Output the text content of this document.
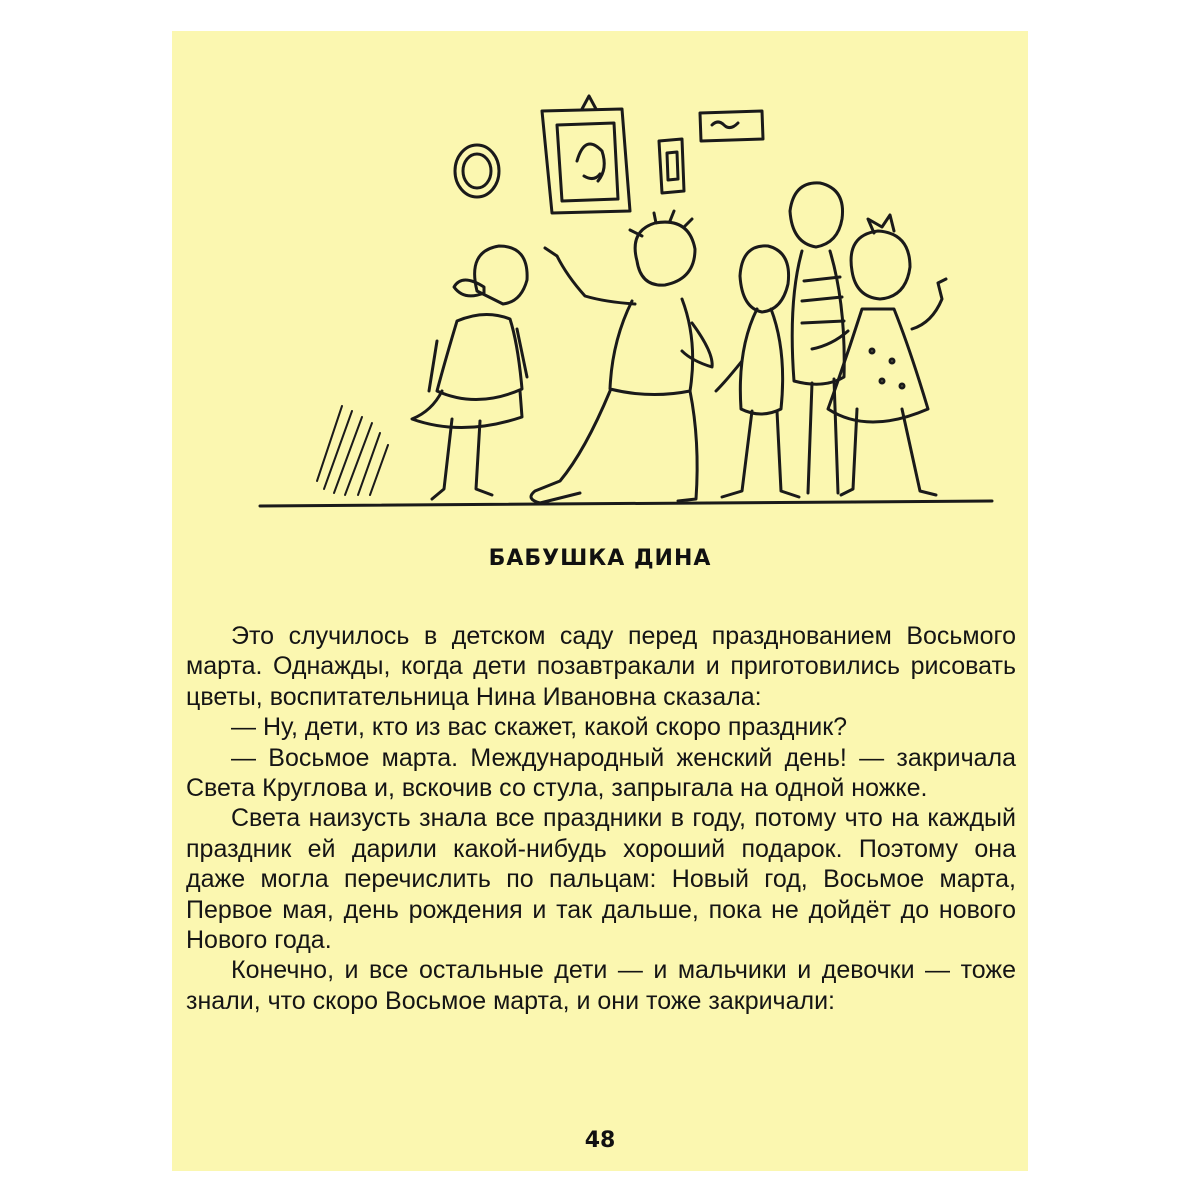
БАБУШКА ДИНА

Это случилось в детском саду перед празднованием Восьмого марта. Однажды, когда дети позавтракали и приготовились рисовать цветы, воспитательница Нина Ивановна сказала:

— Ну, дети, кто из вас скажет, какой скоро праздник?

— Восьмое марта. Международный женский день! — закричала Света Круглова и, вскочив со стула, запрыгала на одной ножке.

Света наизусть знала все праздники в году, потому что на каждый праздник ей дарили какой-нибудь хороший подарок. Поэтому она даже могла перечислить по пальцам: Новый год, Восьмое марта, Первое мая, день рождения и так дальше, пока не дойдёт до нового Нового года.

Конечно, и все остальные дети — и мальчики и девочки — тоже знали, что скоро Восьмое марта, и они тоже закричали:

48
